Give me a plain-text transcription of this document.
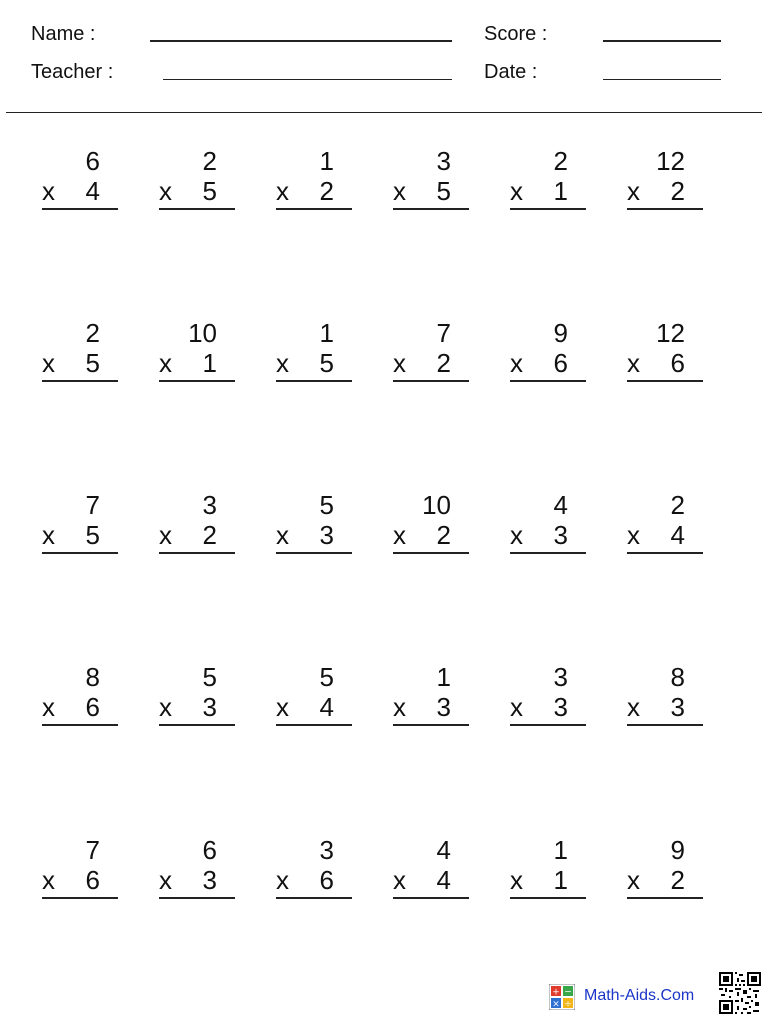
Name :
Teacher :
Score :
Date :
6
x 4
2
x 5
1
x 2
3
x 5
2
x 1
12
x 2
2
x 5
10
x 1
1
x 5
7
x 2
9
x 6
12
x 6
7
x 5
3
x 2
5
x 3
10
x 2
4
x 3
2
x 4
8
x 6
5
x 3
5
x 4
1
x 3
3
x 3
8
x 3
7
x 6
6
x 3
3
x 6
4
x 4
1
x 1
9
x 2
+ −
× ÷
Math-Aids.Com
